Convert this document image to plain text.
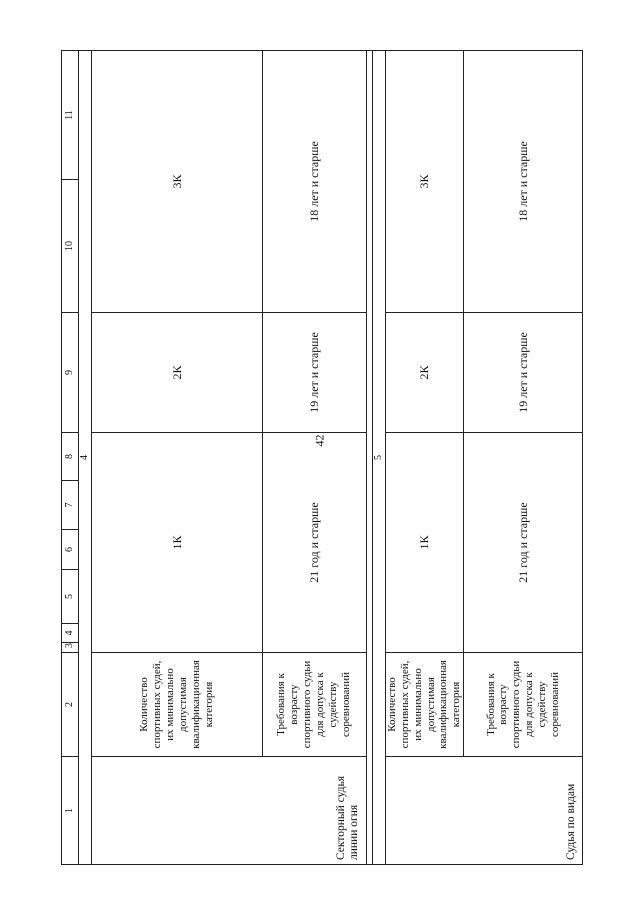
42
1	2	3	4	5	6	7	8	9	10	11
4										
Секторный судья линии огня	Количество спортивных судей, их минимально допустимая квалификационная категория	1К						2К	3К	
	Требования к возрасту спортивного судьи для допуска к судейству соревнований	21 год и старше						19 лет и старше	18 лет и старше	

5										
Судья по видам	Количество спортивных судей, их минимально допустимая квалификационная категория	1К						2К	3К	
	Требования к возрасту спортивного судьи для допуска к судейству соревнований	21 год и старше						19 лет и старше	18 лет и старше	
